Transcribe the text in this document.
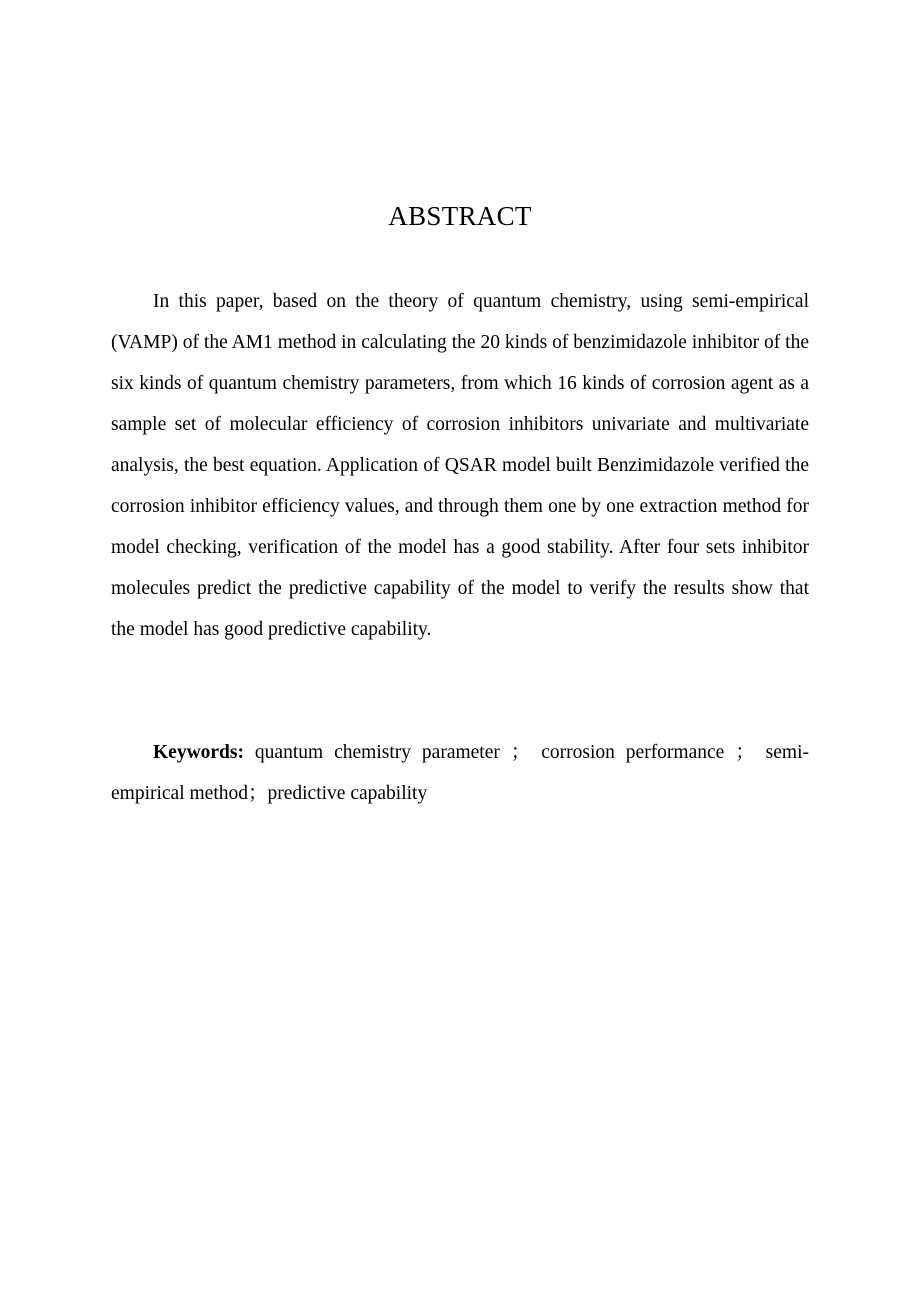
ABSTRACT

In this paper, based on the theory of quantum chemistry, using semi-empirical (VAMP) of the AM1 method in calculating the 20 kinds of benzimidazole inhibitor of the six kinds of quantum chemistry parameters, from which 16 kinds of corrosion agent as a sample set of molecular efficiency of corrosion inhibitors univariate and multivariate analysis, the best equation. Application of QSAR model built Benzimidazole verified the corrosion inhibitor efficiency values, and through them one by one extraction method for model checking, verification of the model has a good stability. After four sets inhibitor molecules predict the predictive capability of the model to verify the results show that the model has good predictive capability.

Keywords: quantum chemistry parameter ； corrosion performance ； semi-empirical method；predictive capability
